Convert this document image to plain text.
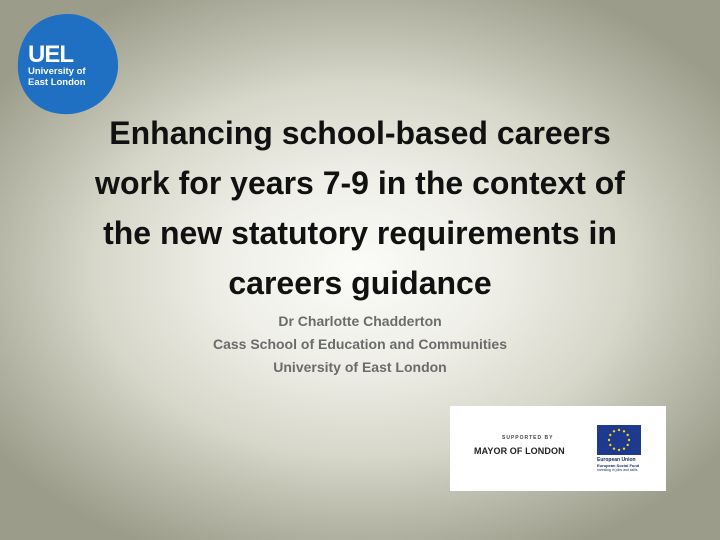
UEL
University of
East London
Enhancing school-based careers
work for years 7-9 in the context of
the new statutory requirements in
careers guidance
Dr Charlotte Chadderton
Cass School of Education and Communities
University of East London
SUPPORTED BY
MAYOR OF LONDON
European Union
European Social Fund
Investing in jobs and skills
